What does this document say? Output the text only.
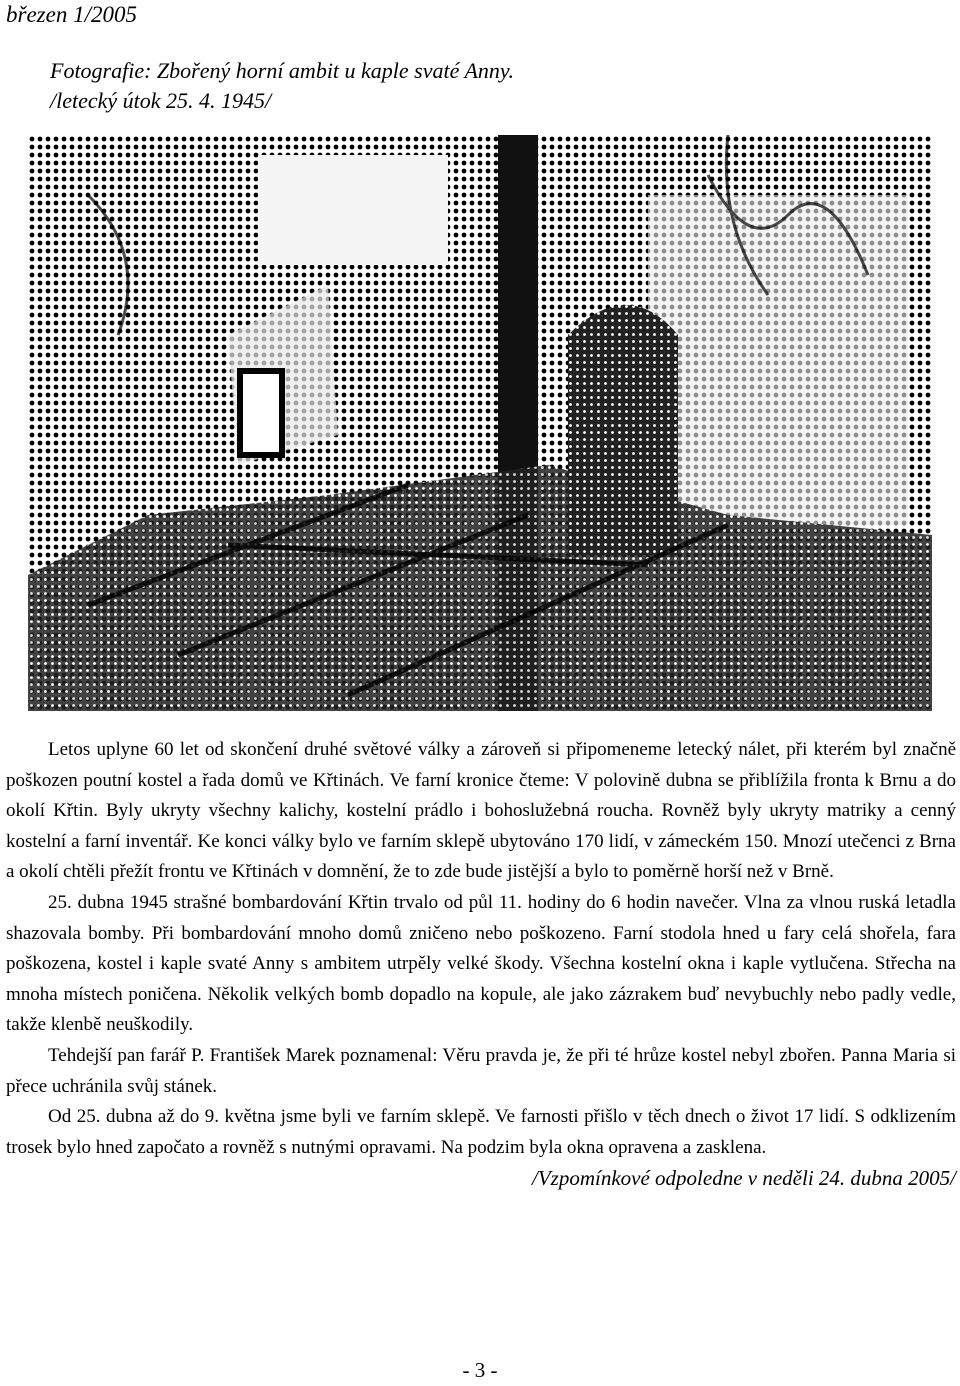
březen 1/2005
Fotografie: Zbořený horní ambit u kaple svaté Anny.
/letecký útok 25. 4. 1945/

Letos uplyne 60 let od skončení druhé světové války a zároveň si připomeneme letecký nálet, při kterém byl značně poškozen poutní kostel a řada domů ve Křtinách. Ve farní kronice čteme: V polovině dubna se přiblížila fronta k Brnu a do okolí Křtin. Byly ukryty všechny kalichy, kostelní prádlo i bohoslužebná roucha. Rovněž byly ukryty matriky a cenný kostelní a farní inventář. Ke konci války bylo ve farním sklepě ubytováno 170 lidí, v zámeckém 150. Mnozí utečenci z Brna a okolí chtěli přežít frontu ve Křtinách v domnění, že to zde bude jistější a bylo to poměrně horší než v Brně.

25. dubna 1945 strašné bombardování Křtin trvalo od půl 11. hodiny do 6 hodin navečer. Vlna za vlnou ruská letadla shazovala bomby. Při bombardování mnoho domů zničeno nebo poškozeno. Farní stodola hned u fary celá shořela, fara poškozena, kostel i kaple svaté Anny s ambitem utrpěly velké škody. Všechna kostelní okna i kaple vytlučena. Střecha na mnoha místech poničena. Několik velkých bomb dopadlo na kopule, ale jako zázrakem buď nevybuchly nebo padly vedle, takže klenbě neuškodily.

Tehdejší pan farář P. František Marek poznamenal: Věru pravda je, že při té hrůze kostel nebyl zbořen. Panna Maria si přece uchránila svůj stánek.

Od 25. dubna až do 9. května jsme byli ve farním sklepě. Ve farnosti přišlo v těch dnech o život 17 lidí. S odklizením trosek bylo hned započato a rovněž s nutnými opravami. Na podzim byla okna opravena a zasklena.

/Vzpomínkové odpoledne v neděli 24. dubna 2005/

- 3 -
